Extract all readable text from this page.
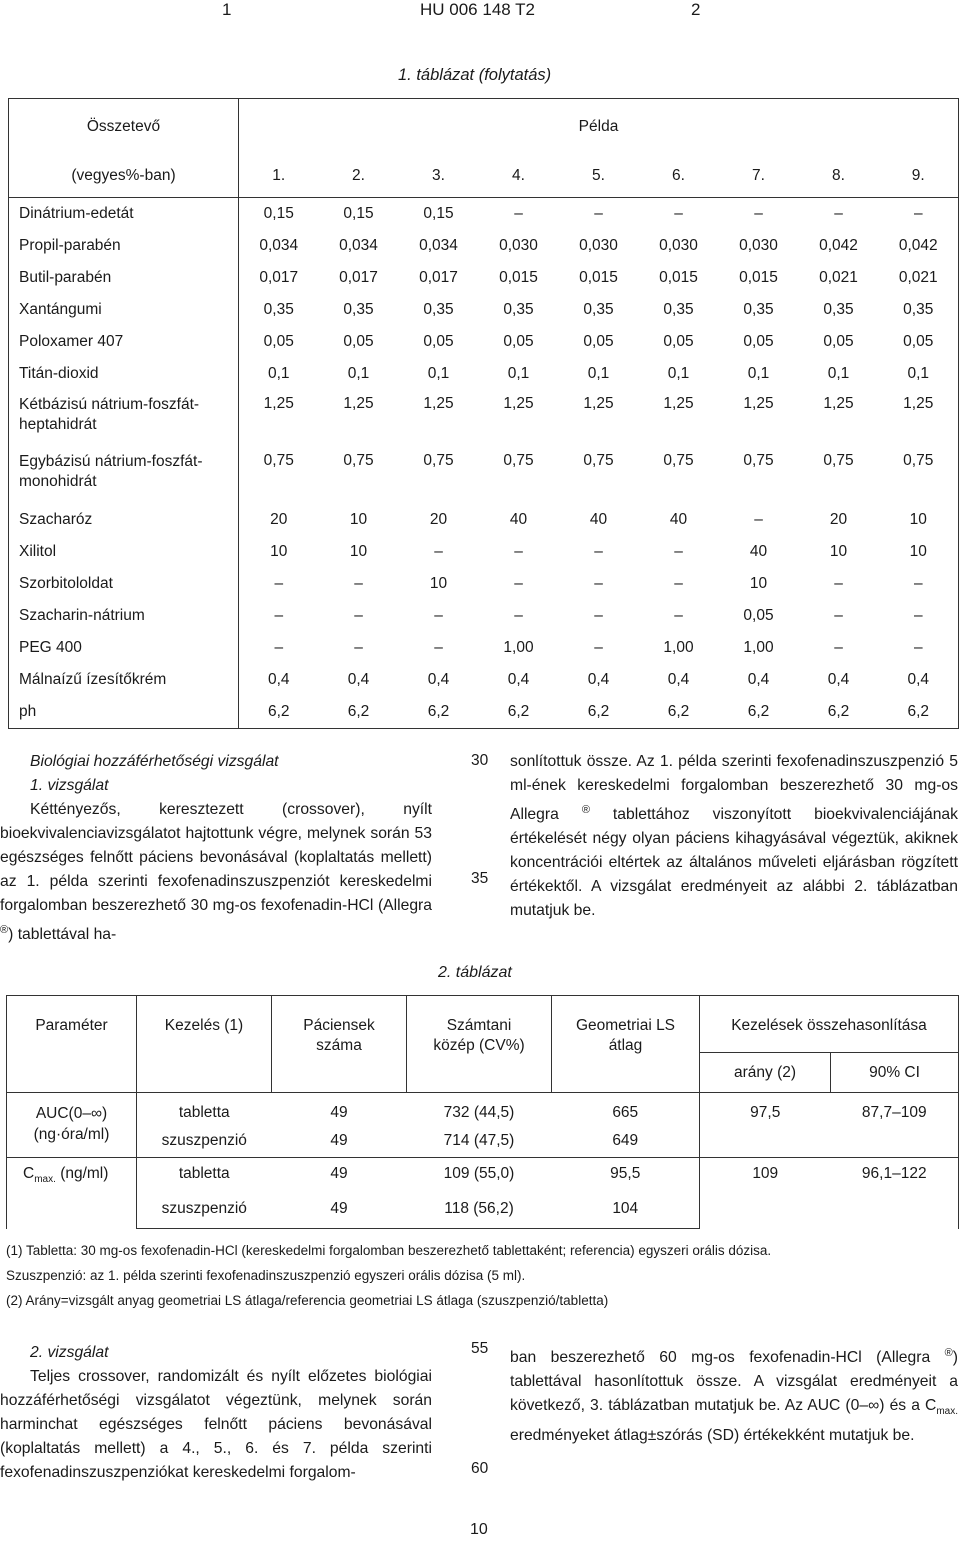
1	HU 006 148 T2	2
1. táblázat (folytatás)
Összetevő	Példa								
(vegyes%-ban)	1.	2.	3.	4.	5.	6.	7.	8.	9.
Dinátrium-edetát	0,15	0,15	0,15	–	–	–	–	–	–
Propil-parabén	0,034	0,034	0,034	0,030	0,030	0,030	0,030	0,042	0,042
Butil-parabén	0,017	0,017	0,017	0,015	0,015	0,015	0,015	0,021	0,021
Xantángumi	0,35	0,35	0,35	0,35	0,35	0,35	0,35	0,35	0,35
Poloxamer 407	0,05	0,05	0,05	0,05	0,05	0,05	0,05	0,05	0,05
Titán-dioxid	0,1	0,1	0,1	0,1	0,1	0,1	0,1	0,1	0,1
Kétbázisú nátrium-foszfát-heptahidrát	1,25	1,25	1,25	1,25	1,25	1,25	1,25	1,25	1,25
Egybázisú nátrium-foszfát-monohidrát	0,75	0,75	0,75	0,75	0,75	0,75	0,75	0,75	0,75
Szacharóz	20	10	20	40	40	40	–	20	10
Xilitol	10	10	–	–	–	–	40	10	10
Szorbitololdat	–	–	10	–	–	–	10	–	–
Szacharin-nátrium	–	–	–	–	–	–	0,05	–	–
PEG 400	–	–	–	1,00	–	1,00	1,00	–	–
Málnaízű ízesítőkrém	0,4	0,4	0,4	0,4	0,4	0,4	0,4	0,4	0,4
ph	6,2	6,2	6,2	6,2	6,2	6,2	6,2	6,2	6,2

Biológiai hozzáférhetőségi vizsgálat

1. vizsgálat

Kéttényezős, keresztezett (crossover), nyílt bioekvivalenciavizsgálatot hajtottunk végre, melynek során 53 egészséges felnőtt páciens bevonásával (koplaltatás mellett) az 1. példa szerinti fexofenadinszuszpenziót kereskedelmi forgalomban beszerezhető 30 mg-os fexofenadin-HCl (Allegra ®) tablettával ha-

30
35

sonlítottuk össze. Az 1. példa szerinti fexofenadinszuszpenzió 5 ml-ének kereskedelmi forgalomban beszerezhető 30 mg-os Allegra ® tablettához viszonyított bioekvivalenciájának értékelését négy olyan páciens kihagyásával végeztük, akiknek koncentrációi eltértek az általános műveleti eljárásban rögzített értékektől. A vizsgálat eredményeit az alábbi 2. táblázatban mutatjuk be.

2. táblázat
Paraméter	Kezelés (1)	Páciensek száma	Számtani közép (CV%)	Geometriai LS átlag	Kezelések összehasonlítása	
					arány (2)	90% CI
AUC(0–∞)
(ng·óra/ml)	tabletta	49	732 (44,5)	665	97,5	87,7–109
	szuszpenzió	49	714 (47,5)	649		
$C_{max.}$ (ng/ml)	tabletta	49	109 (55,0)	95,5	109	96,1–122
	szuszpenzió	49	118 (56,2)	104		
(1) Tabletta: 30 mg-os fexofenadin-HCl (kereskedelmi forgalomban beszerezhető tablettaként; referencia) egyszeri orális dózisa.
Szuszpenzió: az 1. példa szerinti fexofenadinszuszpenzió egyszeri orális dózisa (5 ml).
(2) Arány=vizsgált anyag geometriai LS átlaga/referencia geometriai LS átlaga (szuszpenzió/tabletta)

2. vizsgálat

Teljes crossover, randomizált és nyílt előzetes biológiai hozzáférhetőségi vizsgálatot végeztünk, melynek során harminchat egészséges felnőtt páciens bevonásával (koplaltatás mellett) a 4., 5., 6. és 7. példa szerinti fexofenadinszuszpenziókat kereskedelmi forgalom-

55
60

ban beszerezhető 60 mg-os fexofenadin-HCl (Allegra ®) tablettával hasonlítottuk össze. A vizsgálat eredményeit a következő, 3. táblázatban mutatjuk be. Az AUC (0–∞) és a $C_{max.}$ eredményeket átlag±szórás (SD) értékekként mutatjuk be.

10
